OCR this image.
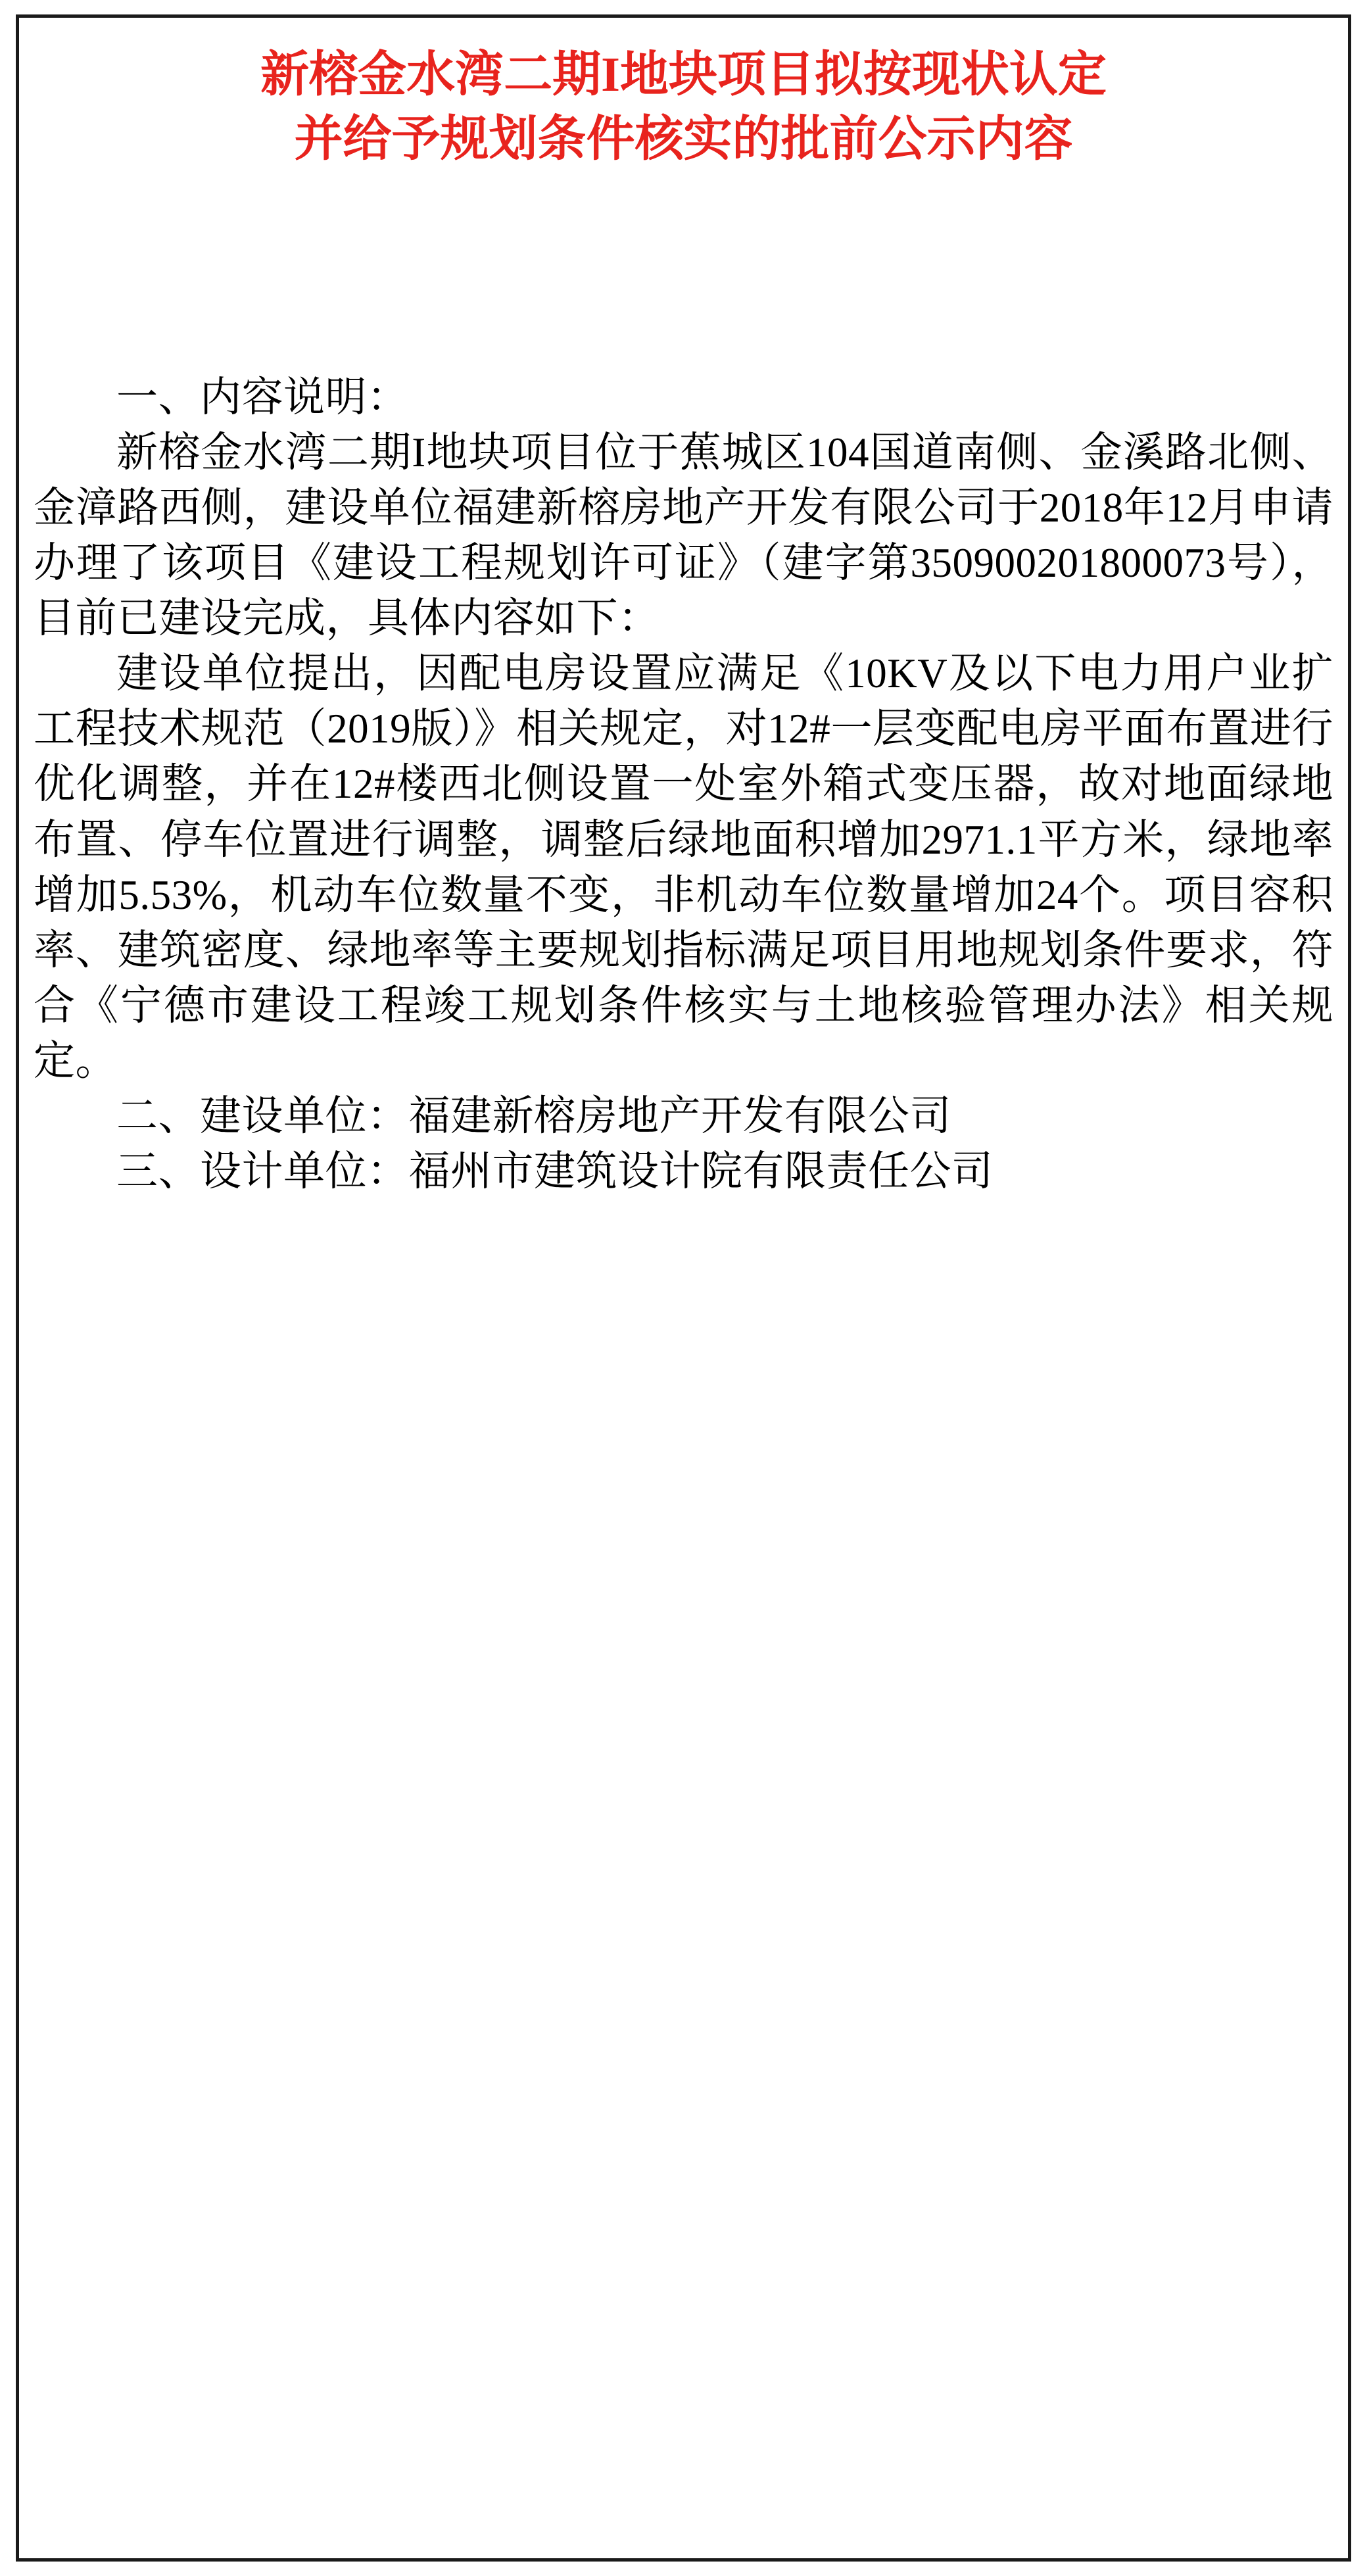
新榕金水湾二期I地块项目拟按现状认定
并给予规划条件核实的批前公示内容

一、内容说明：

新榕金水湾二期I地块项目位于蕉城区104国道南侧、金溪路北侧、金漳路西侧，建设单位福建新榕房地产开发有限公司于2018年12月申请办理了该项目《建设工程规划许可证》（建字第350900201800073号），目前已建设完成，具体内容如下：

建设单位提出，因配电房设置应满足《10KV及以下电力用户业扩工程技术规范（2019版）》相关规定，对12#一层变配电房平面布置进行优化调整，并在12#楼西北侧设置一处室外箱式变压器，故对地面绿地布置、停车位置进行调整，调整后绿地面积增加2971.1平方米，绿地率增加5.53%，机动车位数量不变，非机动车位数量增加24个。项目容积率、建筑密度、绿地率等主要规划指标满足项目用地规划条件要求，符合《宁德市建设工程竣工规划条件核实与土地核验管理办法》相关规定。

二、建设单位：福建新榕房地产开发有限公司

三、设计单位：福州市建筑设计院有限责任公司
